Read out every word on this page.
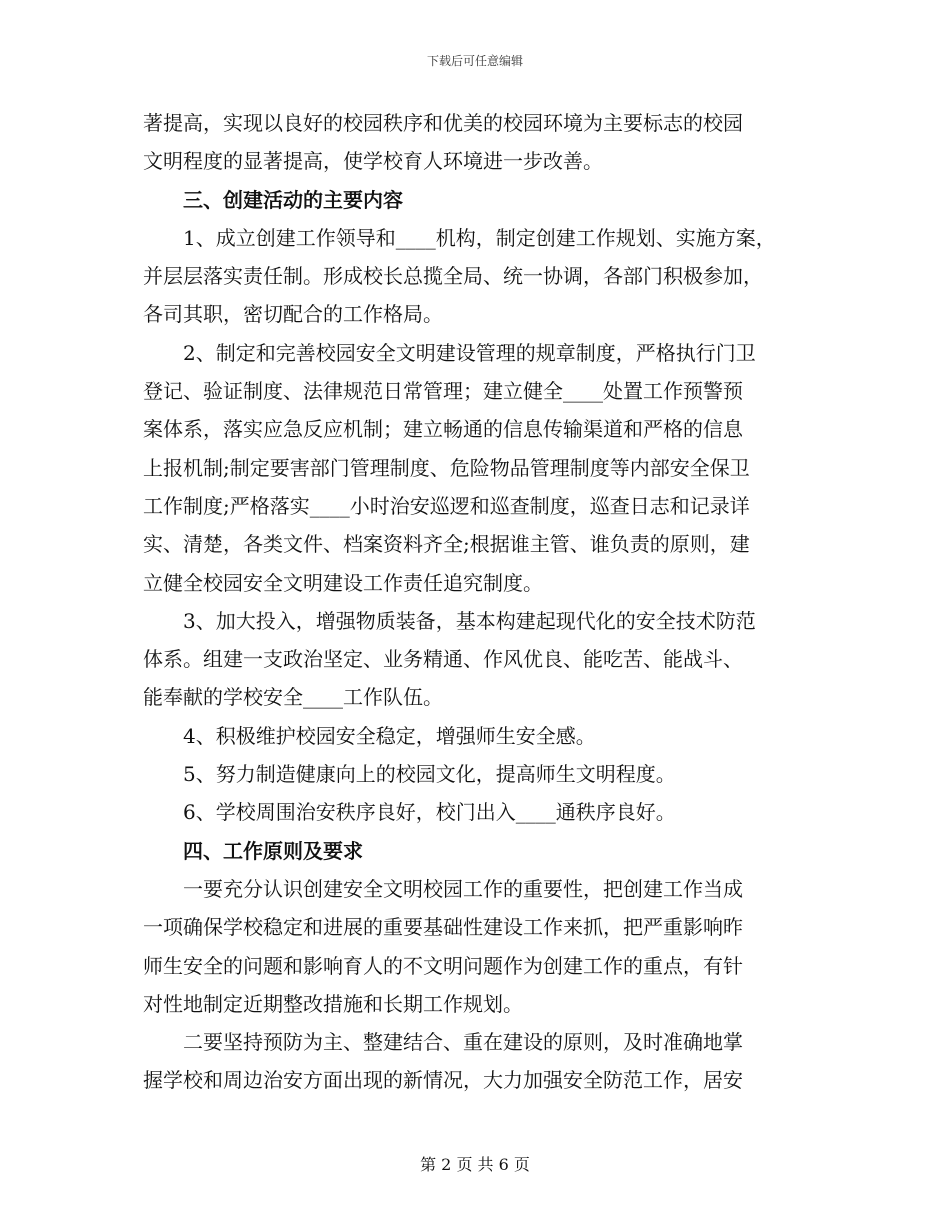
下载后可任意编辑
著提高，实现以良好的校园秩序和优美的校园环境为主要标志的校园
文明程度的显著提高，使学校育人环境进一步改善。
三、创建活动的主要内容
1、成立创建工作领导和____机构，制定创建工作规划、实施方案，
并层层落实责任制。形成校长总揽全局、统一协调，各部门积极参加，
各司其职，密切配合的工作格局。
2、制定和完善校园安全文明建设管理的规章制度，严格执行门卫
登记、验证制度、法律规范日常管理；建立健全____处置工作预警预
案体系，落实应急反应机制；建立畅通的信息传输渠道和严格的信息
上报机制;制定要害部门管理制度、危险物品管理制度等内部安全保卫
工作制度;严格落实____小时治安巡逻和巡查制度，巡查日志和记录详
实、清楚，各类文件、档案资料齐全;根据谁主管、谁负责的原则，建
立健全校园安全文明建设工作责任追究制度。
3、加大投入，增强物质装备，基本构建起现代化的安全技术防范
体系。组建一支政治坚定、业务精通、作风优良、能吃苦、能战斗、
能奉献的学校安全____工作队伍。
4、积极维护校园安全稳定，增强师生安全感。
5、努力制造健康向上的校园文化，提高师生文明程度。
6、学校周围治安秩序良好，校门出入____通秩序良好。
四、工作原则及要求
一要充分认识创建安全文明校园工作的重要性，把创建工作当成
一项确保学校稳定和进展的重要基础性建设工作来抓，把严重影响昨
师生安全的问题和影响育人的不文明问题作为创建工作的重点，有针
对性地制定近期整改措施和长期工作规划。
二要坚持预防为主、整建结合、重在建设的原则，及时准确地掌
握学校和周边治安方面出现的新情况，大力加强安全防范工作，居安
第 2 页 共 6 页
